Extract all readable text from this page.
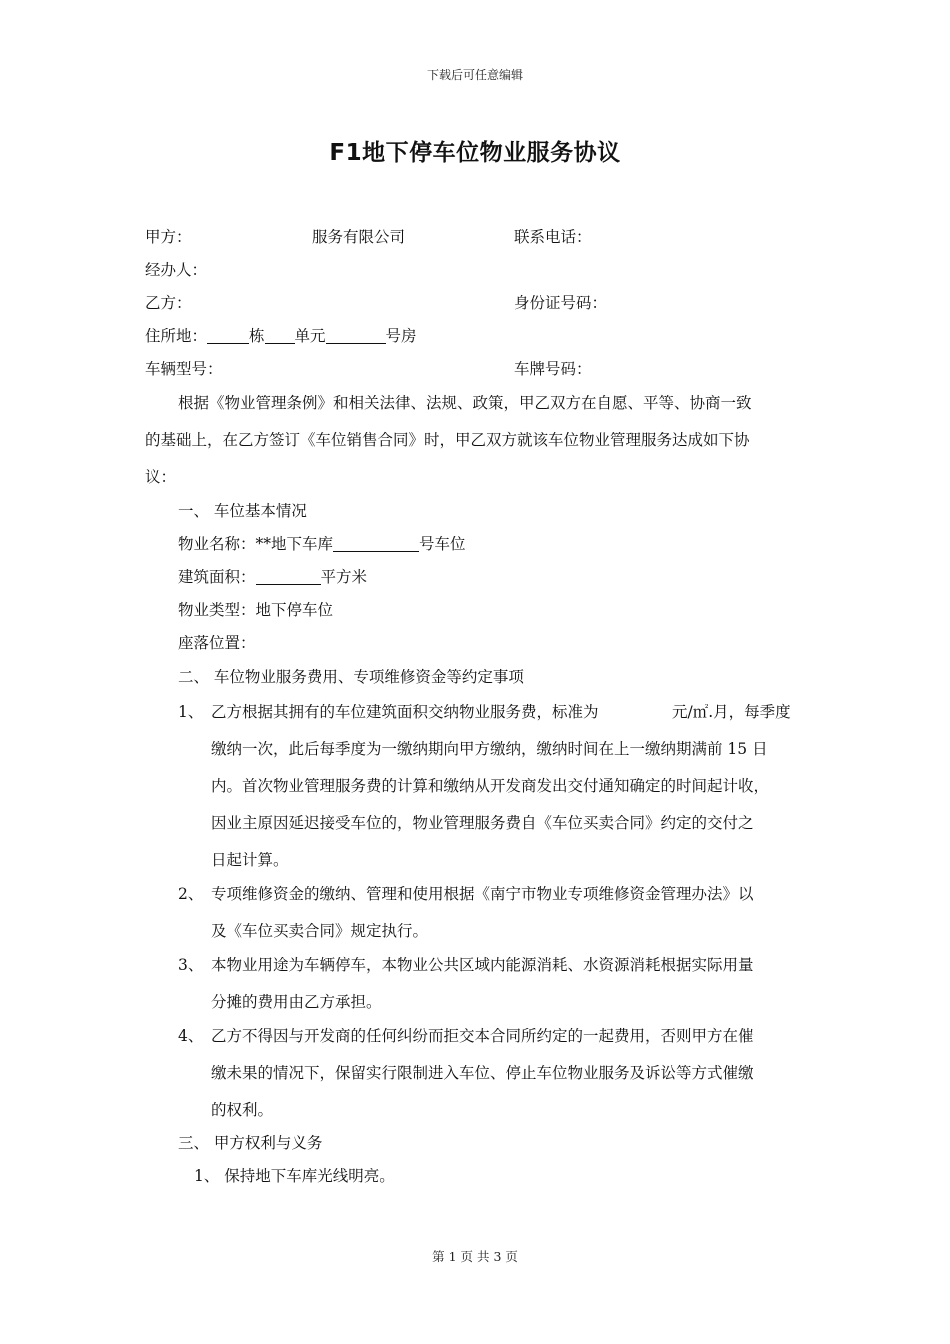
下载后可任意编辑
F1地下停车位物业服务协议
甲方：	服务有限公司	联系电话：
经办人：
乙方：	身份证号码：
住所地：	栋 单元	号房
车辆型号：	车牌号码：
根据《物业管理条例》和相关法律、法规、政策，甲乙双方在自愿、平等、协商一致
的基础上，在乙方签订《车位销售合同》时，甲乙双方就该车位物业管理服务达成如下协
议：
一、 车位基本情况
物业名称：**地下车库	号车位
建筑面积：	平方米
物业类型：地下停车位
座落位置：
二、 车位物业服务费用、专项维修资金等约定事项
1、 乙方根据其拥有的车位建筑面积交纳物业服务费，标准为	元/㎡.月，每季度
缴纳一次，此后每季度为一缴纳期向甲方缴纳，缴纳时间在上一缴纳期满前 15 日
内。首次物业管理服务费的计算和缴纳从开发商发出交付通知确定的时间起计收，
因业主原因延迟接受车位的，物业管理服务费自《车位买卖合同》约定的交付之
日起计算。
2、 专项维修资金的缴纳、管理和使用根据《南宁市物业专项维修资金管理办法》以
及《车位买卖合同》规定执行。
3、 本物业用途为车辆停车，本物业公共区域内能源消耗、水资源消耗根据实际用量
分摊的费用由乙方承担。
4、 乙方不得因与开发商的任何纠纷而拒交本合同所约定的一起费用，否则甲方在催
缴未果的情况下，保留实行限制进入车位、停止车位物业服务及诉讼等方式催缴
的权利。
三、 甲方权利与义务
1、 保持地下车库光线明亮。
第 1 页 共 3 页
